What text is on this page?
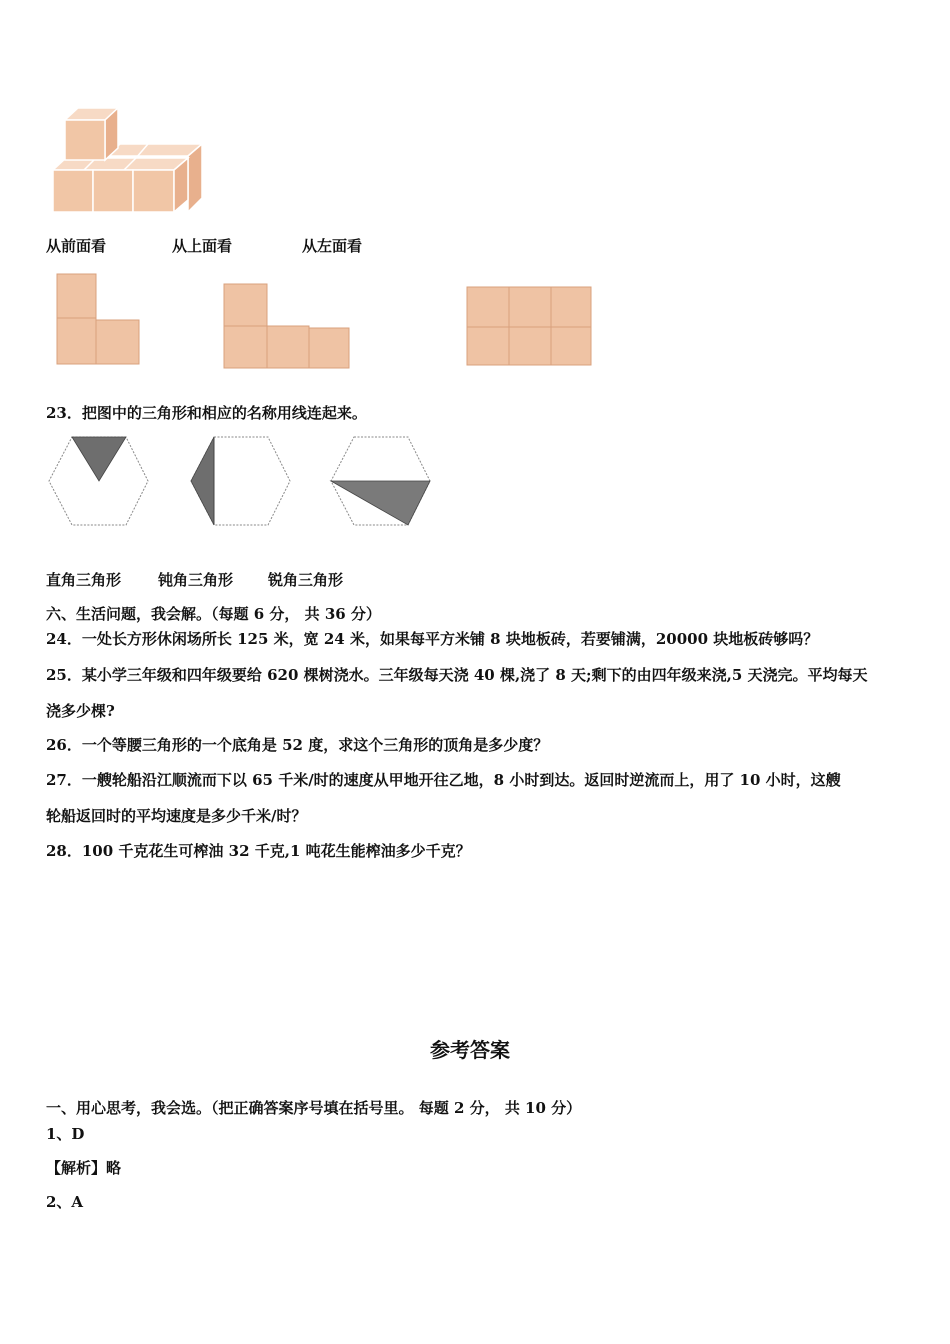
从前面看	从上面看	从左面看
23．把图中的三角形和相应的名称用线连起来。
直角三角形 钝角三角形 锐角三角形
六、生活问题，我会解。（每题 6 分， 共 36 分）
24．一处长方形休闲场所长 125 米，宽 24 米，如果每平方米铺 8 块地板砖，若要铺满，20000 块地板砖够吗？
25．某小学三年级和四年级要给 620 棵树浇水。三年级每天浇 40 棵,浇了 8 天;剩下的由四年级来浇,5 天浇完。平均每天
浇多少棵?
26．一个等腰三角形的一个底角是 52 度，求这个三角形的顶角是多少度？
27．一艘轮船沿江顺流而下以 65 千米/时的速度从甲地开往乙地，8 小时到达。返回时逆流而上，用了 10 小时，这艘
轮船返回时的平均速度是多少千米/时？
28．100 千克花生可榨油 32 千克,1 吨花生能榨油多少千克？
参考答案
一、用心思考，我会选。（把正确答案序号填在括号里。 每题 2 分， 共 10 分）
1、D
【解析】略
2、A
